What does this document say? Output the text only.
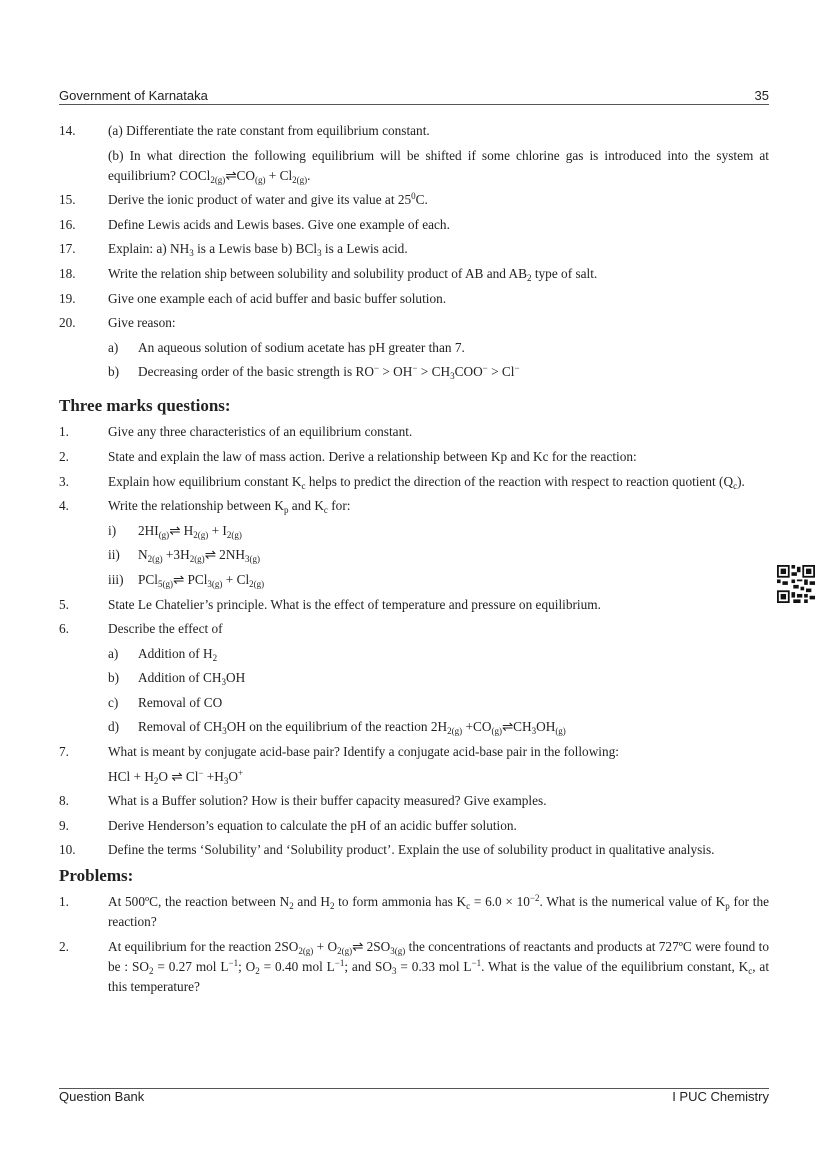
Government of Karnataka	35
14. (a) Differentiate the rate constant from equilibrium constant.
(b) In what direction the following equilibrium will be shifted if some chlorine gas is introduced into the system at equilibrium? $COCl_{2(g)}\rightleftharpoons CO_{(g)} + Cl_{2(g)}$.
15. Derive the ionic product of water and give its value at $25^0C$.
16. Define Lewis acids and Lewis bases. Give one example of each.
17. Explain: a) $NH_3$ is a Lewis base b) BCl$_3$ is a Lewis acid.
18. Write the relation ship between solubility and solubility product of AB and $AB_2$ type of salt.
19. Give one example each of acid buffer and basic buffer solution.
20. Give reason:
a) An aqueous solution of sodium acetate has pH greater than 7.
b) Decreasing order of the basic strength is $RO^- > OH^- > CH_3COO^- > Cl^-$
Three marks questions:
1.	Give any three characteristics of an equilibrium constant.
2.	State and explain the law of mass action. Derive a relationship between Kp and Kc for the reaction:
3.	Explain how equilibrium constant $K_c$ helps to predict the direction of the reaction with respect to reaction quotient $(Q_c)$.
4.	Write the relationship between $K_p$ and $K_c$ for:
i) $2HI_{(g)}\rightleftharpoons$ $H_{2(g)} + I_{2(g)}$
ii) $N_{2(g)}$ $+3H_{2(g)}\rightleftharpoons$ $2NH_{3(g)}$
iii) PCl$_{5(g)}$⇌ $PCl_{3(g)} + Cl_{2(g)}$
5.	State Le Chatelier’s principle. What is the effect of temperature and pressure on equilibrium.
6.	Describe the effect of
a) Addition of $H_2$
b) Addition of $CH_3OH$
c) Removal of CO
d) Removal of $CH_3OH$ on the equilibrium of the reaction $2H_{2(g)}$ $+CO_{(g)}\rightleftharpoons CH_3OH_{(g)}$
7.	What is meant by conjugate acid-base pair? Identify a conjugate acid-base pair in the following:
HCl + $H_2O$ ⇌ $Cl^- +H_3O^+$
8.	What is a Buffer solution? How is their buffer capacity measured? Give examples.
9.	Derive Henderson’s equation to calculate the pH of an acidic buffer solution.
10. Define the terms ‘Solubility’ and ‘Solubility product’. Explain the use of solubility product in qualitative analysis.
Problems:
1.	At 500ºC, the reaction between $N_2$ and $H_2$ to form ammonia has $K_c = 6.0 \times 10^{-2}$. What is the numerical value of $K_p$ for the reaction?
2.	At equilibrium for the reaction $2SO_{2(g)}$ + $O_{2(g)}\rightleftharpoons$ $2SO_{3(g)}$ the concentrations of reactants and products at 727ºC were found to be : $SO_2 = 0.27$ mol $L^{-1}$; $O_2 = 0.40$ mol $L^{-1}$; and $SO_3 = 0.33$ mol $L^{-1}$. What is the value of the equilibrium constant, $K_c$, at this temperature?
Question Bank	I PUC Chemistry
